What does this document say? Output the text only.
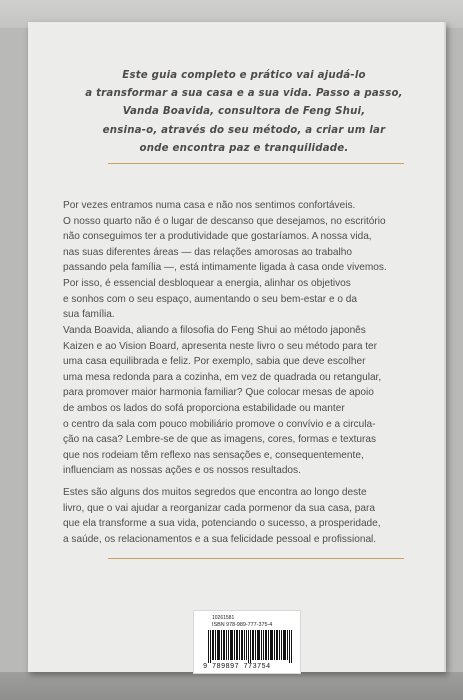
Este guia completo e prático vai ajudá-lo
a transformar a sua casa e a sua vida. Passo a passo,
Vanda Boavida, consultora de Feng Shui,
ensina-o, através do seu método, a criar um lar
onde encontra paz e tranquilidade.
Por vezes entramos numa casa e não nos sentimos confortáveis.
O nosso quarto não é o lugar de descanso que desejamos, no escritório
não conseguimos ter a produtividade que gostaríamos. A nossa vida,
nas suas diferentes áreas — das relações amorosas ao trabalho
passando pela família —, está intimamente ligada à casa onde vivemos.
Por isso, é essencial desbloquear a energia, alinhar os objetivos
e sonhos com o seu espaço, aumentando o seu bem-estar e o da
sua família.
Vanda Boavida, aliando a filosofia do Feng Shui ao método japonês
Kaizen e ao Vision Board, apresenta neste livro o seu método para ter
uma casa equilibrada e feliz. Por exemplo, sabia que deve escolher
uma mesa redonda para a cozinha, em vez de quadrada ou retangular,
para promover maior harmonia familiar? Que colocar mesas de apoio
de ambos os lados do sofá proporciona estabilidade ou manter
o centro da sala com pouco mobiliário promove o convívio e a circula-
ção na casa? Lembre-se de que as imagens, cores, formas e texturas
que nos rodeiam têm reflexo nas sensações e, consequentemente,
influenciam as nossas ações e os nossos resultados.
Estes são alguns dos muitos segredos que encontra ao longo deste
livro, que o vai ajudar a reorganizar cada pormenor da sua casa, para
que ela transforme a sua vida, potenciando o sucesso, a prosperidade,
a saúde, os relacionamentos e a sua felicidade pessoal e profissional.
10261581
ISBN 978-989-777-375-4
9 789897 773754
